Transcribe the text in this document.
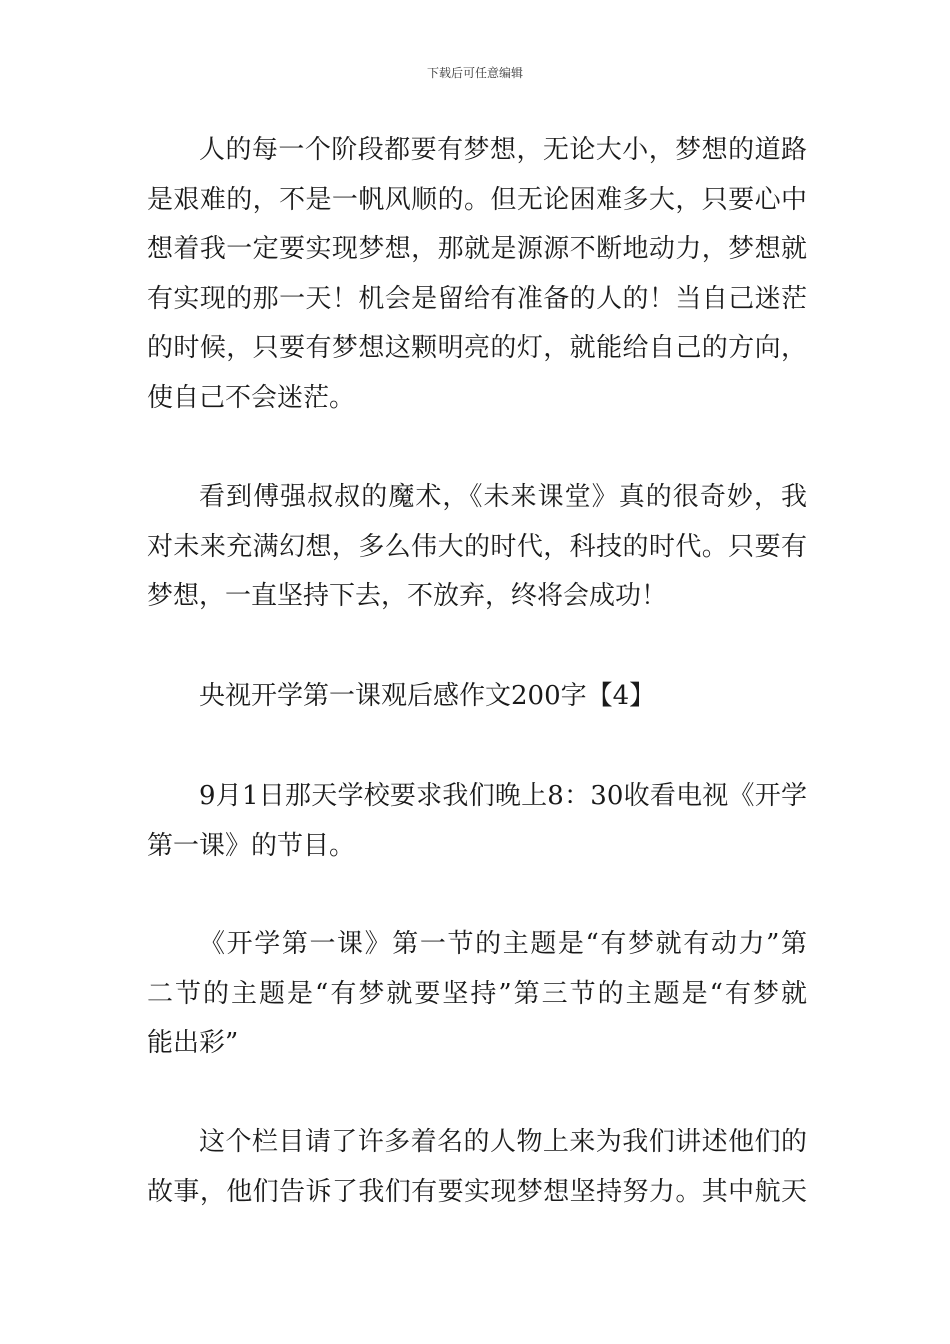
下载后可任意编辑
人的每一个阶段都要有梦想，无论大小，梦想的道路
是艰难的，不是一帆风顺的。但无论困难多大，只要心中
想着我一定要实现梦想，那就是源源不断地动力，梦想就
有实现的那一天！机会是留给有准备的人的！当自己迷茫
的时候，只要有梦想这颗明亮的灯，就能给自己的方向，
使自己不会迷茫。
看到傅强叔叔的魔术，《未来课堂》真的很奇妙，我
对未来充满幻想，多么伟大的时代，科技的时代。只要有
梦想，一直坚持下去，不放弃，终将会成功！
央视开学第一课观后感作文200字【4】
9月1日那天学校要求我们晚上8：30收看电视《开学
第一课》的节目。
《开学第一课》第一节的主题是“有梦就有动力”第
二节的主题是“有梦就要坚持”第三节的主题是“有梦就
能出彩”
这个栏目请了许多着名的人物上来为我们讲述他们的
故事，他们告诉了我们有要实现梦想坚持努力。其中航天
